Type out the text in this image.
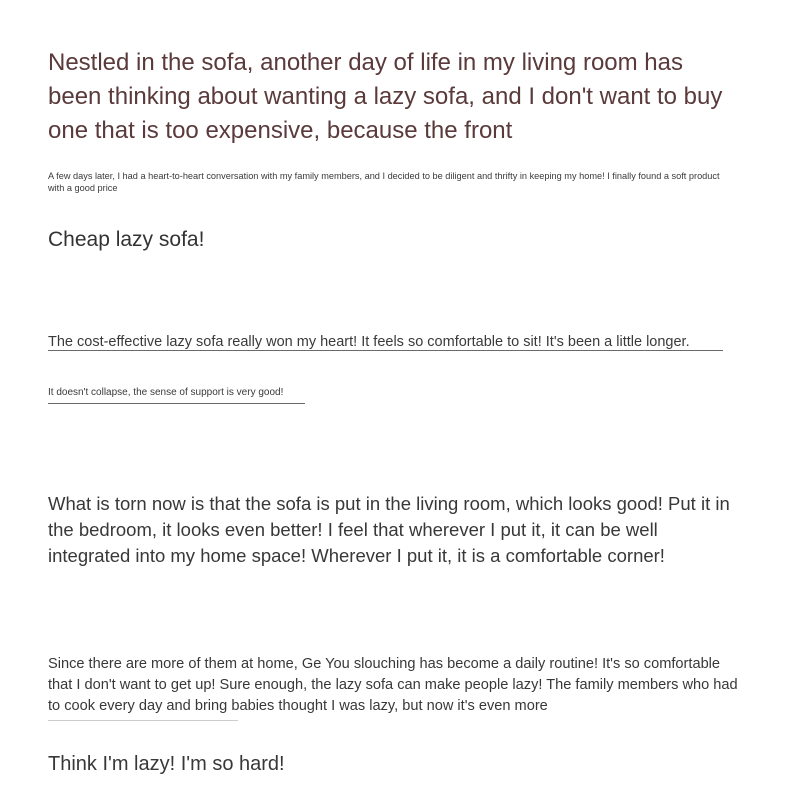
Nestled in the sofa, another day of life in my living room has been thinking about wanting a lazy sofa, and I don't want to buy one that is too expensive, because the front

A few days later, I had a heart-to-heart conversation with my family members, and I decided to be diligent and thrifty in keeping my home! I finally found a soft product with a good price

Cheap lazy sofa!

The cost-effective lazy sofa really won my heart! It feels so comfortable to sit! It's been a little longer.

It doesn't collapse, the sense of support is very good!

What is torn now is that the sofa is put in the living room, which looks good! Put it in the bedroom, it looks even better! I feel that wherever I put it, it can be well integrated into my home space! Wherever I put it, it is a comfortable corner!

Since there are more of them at home, Ge You slouching has become a daily routine! It's so comfortable that I don't want to get up! Sure enough, the lazy sofa can make people lazy! The family members who had to cook every day and bring babies thought I was lazy, but now it's even more

Think I'm lazy! I'm so hard!
